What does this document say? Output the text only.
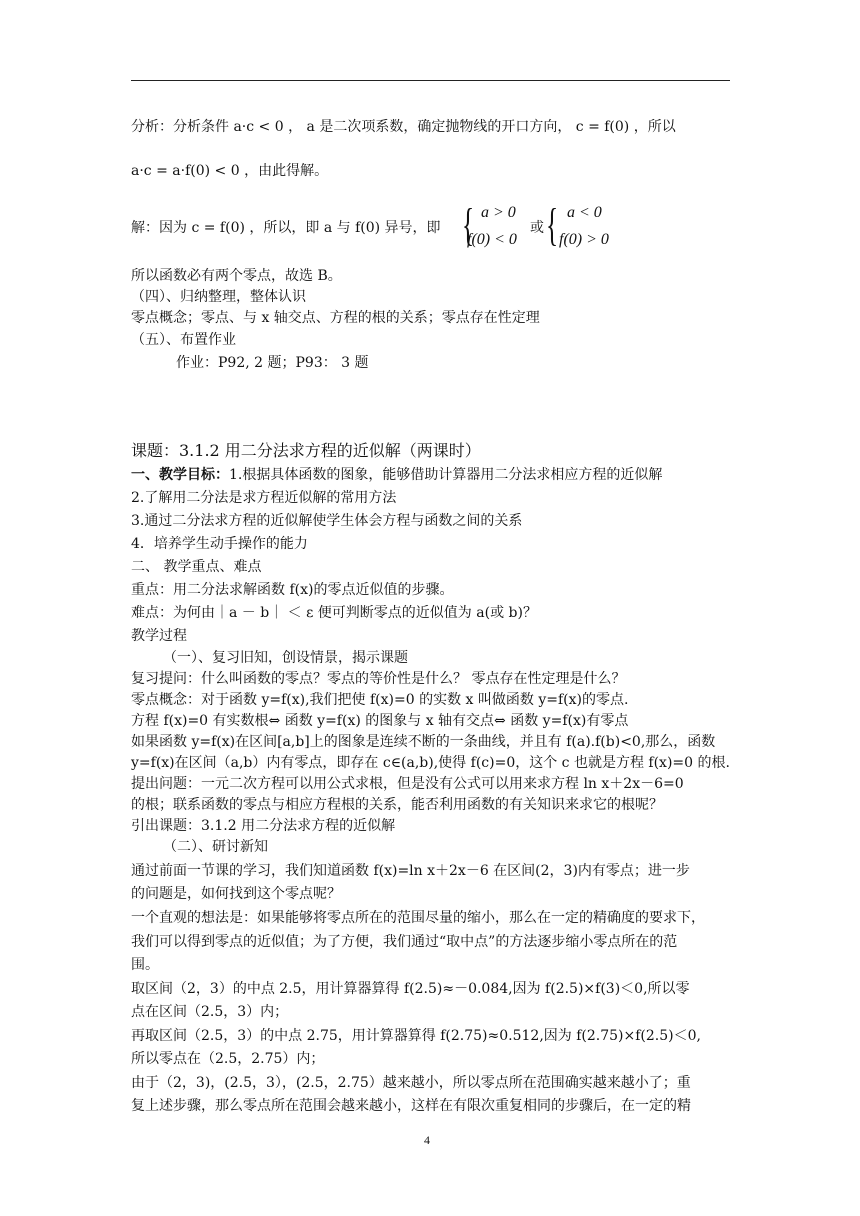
分析：分析条件 a·c < 0 ， a 是二次项系数，确定抛物线的开口方向， c = f(0) ，所以
a·c = a·f(0) < 0 ，由此得解。
解：因为 c = f(0) ，所以，即 a 与 f(0) 异号，即 { a > 0
f(0) < 0
或 { a < 0
f(0) > 0
所以函数必有两个零点，故选 B。
（四）、归纳整理，整体认识
零点概念；零点、与 x 轴交点、方程的根的关系；零点存在性定理
（五）、布置作业
作业：P92, 2 题；P93： 3 题
课题：3.1.2 用二分法求方程的近似解（两课时）
一、教学目标：1.根据具体函数的图象，能够借助计算器用二分法求相应方程的近似解
2.了解用二分法是求方程近似解的常用方法
3.通过二分法求方程的近似解使学生体会方程与函数之间的关系
4．培养学生动手操作的能力
二、 教学重点、难点
重点：用二分法求解函数 f(x)的零点近似值的步骤。
难点：为何由｜a － b｜ ＜ ε 便可判断零点的近似值为 a(或 b)？
教学过程
（一）、复习旧知，创设情景，揭示课题
复习提问：什么叫函数的零点？零点的等价性是什么？ 零点存在性定理是什么？
零点概念：对于函数 y=f(x),我们把使 f(x)=0 的实数 x 叫做函数 y=f(x)的零点.
方程 f(x)=0 有实数根⇔ 函数 y=f(x) 的图象与 x 轴有交点⇔ 函数 y=f(x)有零点
如果函数 y=f(x)在区间[a,b]上的图象是连续不断的一条曲线，并且有 f(a).f(b)<0,那么，函数
y=f(x)在区间（a,b）内有零点，即存在 c∈(a,b),使得 f(c)=0，这个 c 也就是方程 f(x)=0 的根.
提出问题：一元二次方程可以用公式求根，但是没有公式可以用来求方程 ln x＋2x－6=0
的根；联系函数的零点与相应方程根的关系，能否利用函数的有关知识来求它的根呢？
引出课题：3.1.2 用二分法求方程的近似解
（二）、研讨新知
通过前面一节课的学习，我们知道函数 f(x)=ln x＋2x－6 在区间(2，3)内有零点；进一步
的问题是，如何找到这个零点呢？
一个直观的想法是：如果能够将零点所在的范围尽量的缩小，那么在一定的精确度的要求下，
我们可以得到零点的近似值；为了方便，我们通过“取中点”的方法逐步缩小零点所在的范
围。
取区间（2，3）的中点 2.5，用计算器算得 f(2.5)≈－0.084,因为 f(2.5)×f(3)＜0,所以零
点在区间（2.5，3）内；
再取区间（2.5，3）的中点 2.75，用计算器算得 f(2.75)≈0.512,因为 f(2.75)×f(2.5)＜0,
所以零点在（2.5，2.75）内；
由于（2，3)，(2.5，3），(2.5，2.75）越来越小，所以零点所在范围确实越来越小了；重
复上述步骤，那么零点所在范围会越来越小，这样在有限次重复相同的步骤后，在一定的精
4
